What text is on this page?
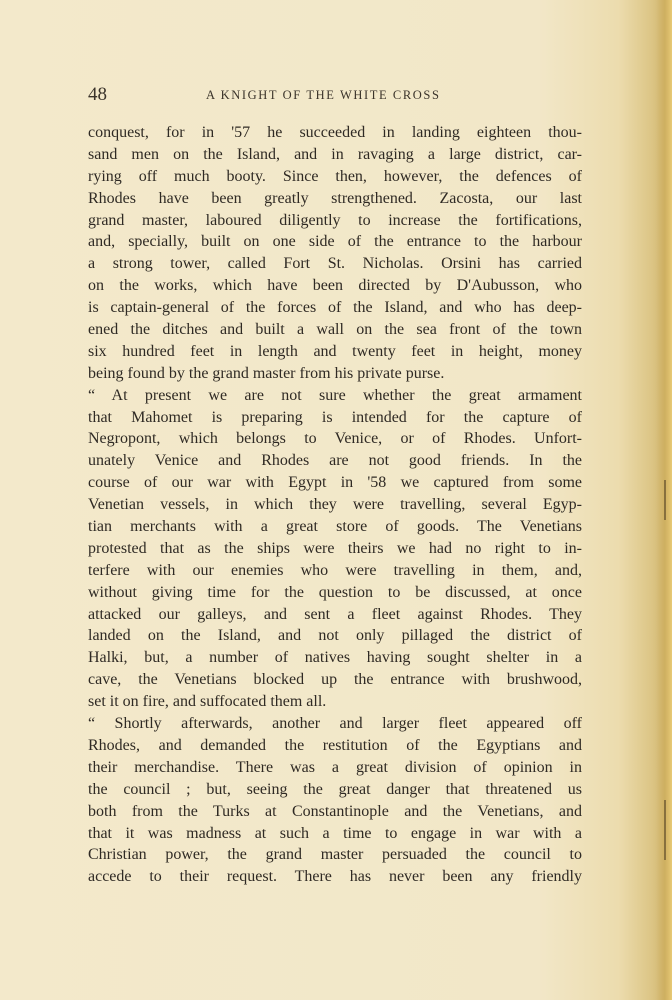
48	A KNIGHT OF THE WHITE CROSS
conquest, for in '57 he succeeded in landing eighteen thou-
sand men on the Island, and in ravaging a large district, car-
rying off much booty. Since then, however, the defences of
Rhodes have been greatly strengthened. Zacosta, our last
grand master, laboured diligently to increase the fortifications,
and, specially, built on one side of the entrance to the harbour
a strong tower, called Fort St. Nicholas. Orsini has carried
on the works, which have been directed by D'Aubusson, who
is captain-general of the forces of the Island, and who has deep-
ened the ditches and built a wall on the sea front of the town
six hundred feet in length and twenty feet in height, money
being found by the grand master from his private purse.
“ At present we are not sure whether the great armament
that Mahomet is preparing is intended for the capture of
Negropont, which belongs to Venice, or of Rhodes. Unfort-
unately Venice and Rhodes are not good friends. In the
course of our war with Egypt in '58 we captured from some
Venetian vessels, in which they were travelling, several Egyp-
tian merchants with a great store of goods. The Venetians
protested that as the ships were theirs we had no right to in-
terfere with our enemies who were travelling in them, and,
without giving time for the question to be discussed, at once
attacked our galleys, and sent a fleet against Rhodes. They
landed on the Island, and not only pillaged the district of
Halki, but, a number of natives having sought shelter in a
cave, the Venetians blocked up the entrance with brushwood,
set it on fire, and suffocated them all.
“ Shortly afterwards, another and larger fleet appeared off
Rhodes, and demanded the restitution of the Egyptians and
their merchandise. There was a great division of opinion in
the council ; but, seeing the great danger that threatened us
both from the Turks at Constantinople and the Venetians, and
that it was madness at such a time to engage in war with a
Christian power, the grand master persuaded the council to
accede to their request. There has never been any friendly
